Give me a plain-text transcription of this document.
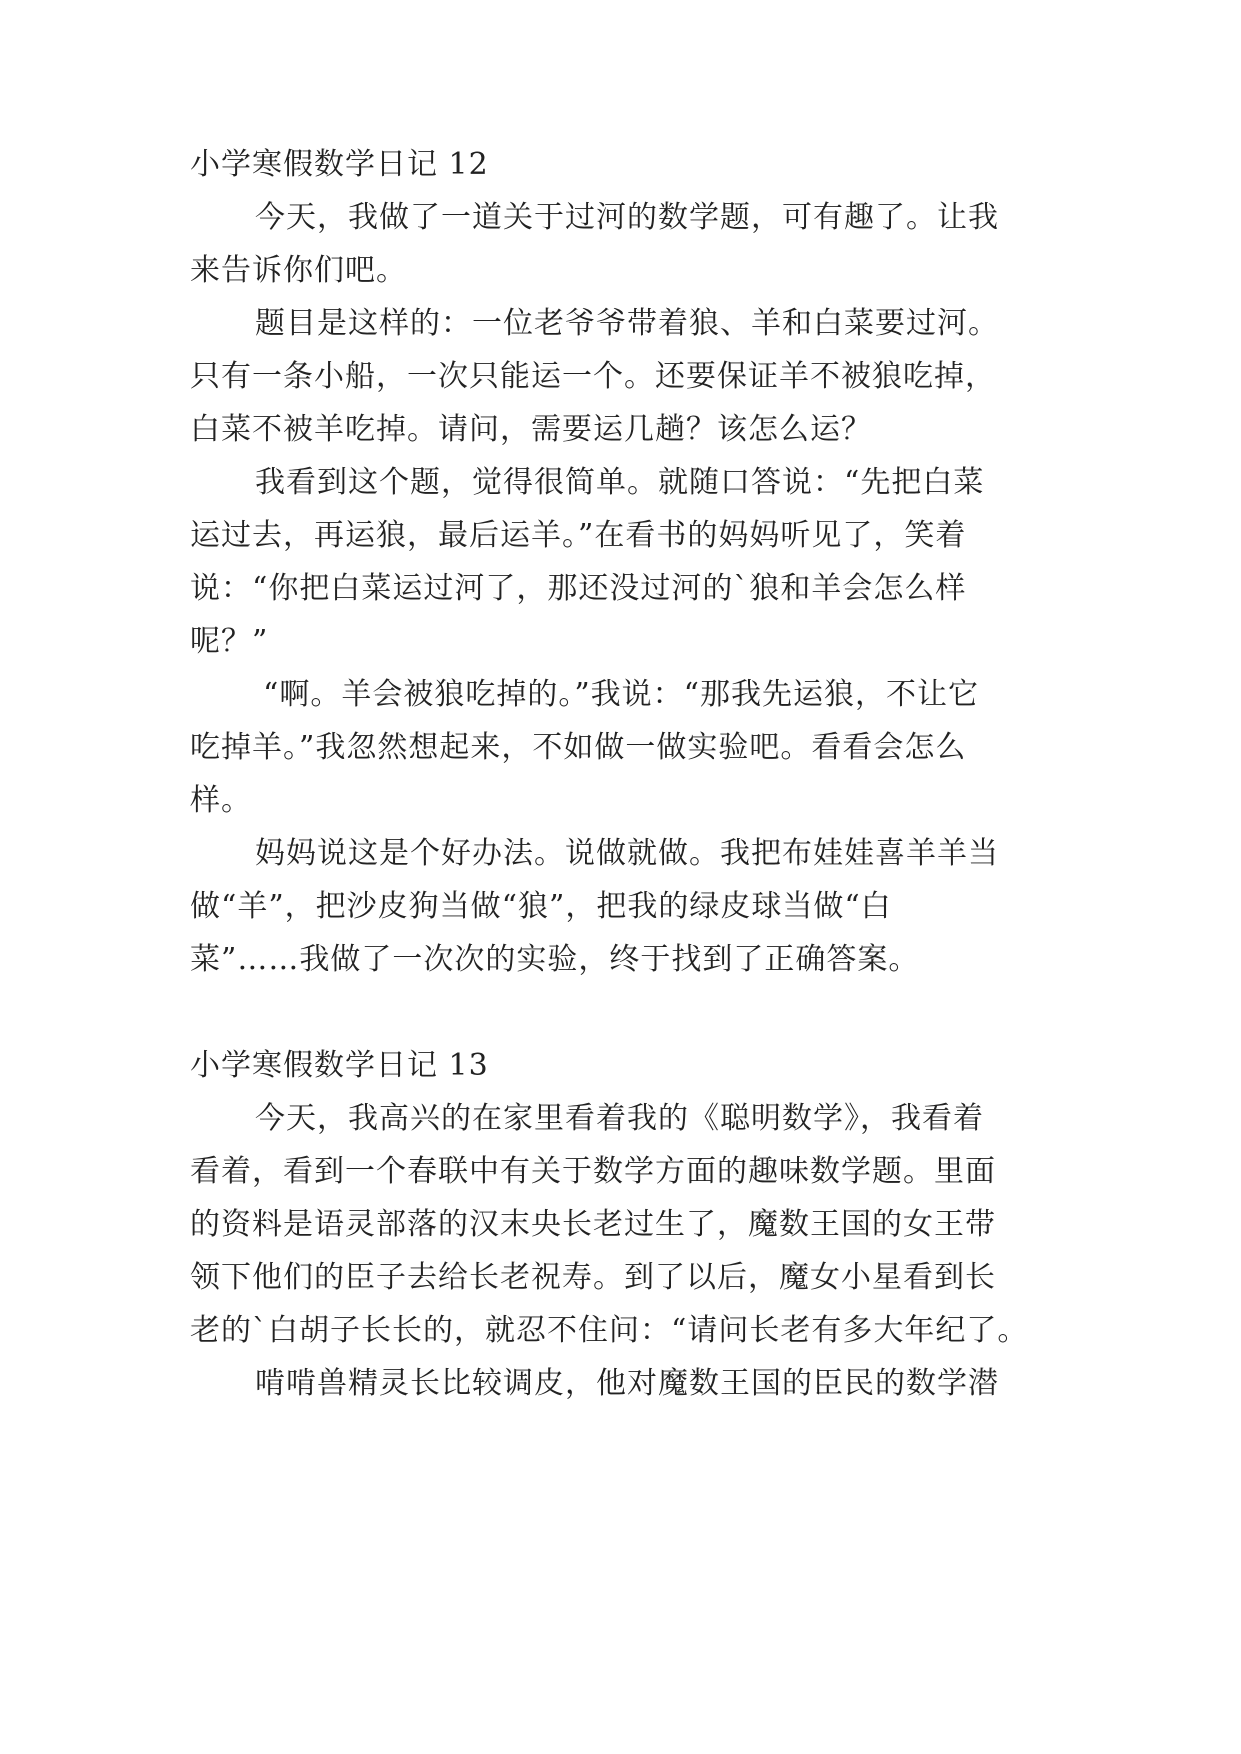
小学寒假数学日记 12
今天，我做了一道关于过河的数学题，可有趣了。让我
来告诉你们吧。
题目是这样的：一位老爷爷带着狼、羊和白菜要过河。
只有一条小船，一次只能运一个。还要保证羊不被狼吃掉，
白菜不被羊吃掉。请问，需要运几趟？该怎么运？
我看到这个题，觉得很简单。就随口答说：“先把白菜
运过去，再运狼，最后运羊。”在看书的妈妈听见了，笑着
说：“你把白菜运过河了，那还没过河的`狼和羊会怎么样
呢？”
“啊。羊会被狼吃掉的。”我说：“那我先运狼，不让它
吃掉羊。”我忽然想起来，不如做一做实验吧。看看会怎么
样。
妈妈说这是个好办法。说做就做。我把布娃娃喜羊羊当
做“羊”，把沙皮狗当做“狼”，把我的绿皮球当做“白
菜”……我做了一次次的实验，终于找到了正确答案。
小学寒假数学日记 13
今天，我高兴的在家里看着我的《聪明数学》，我看着
看着，看到一个春联中有关于数学方面的趣味数学题。里面
的资料是语灵部落的汉末央长老过生了，魔数王国的女王带
领下他们的臣子去给长老祝寿。到了以后，魔女小星看到长
老的`白胡子长长的，就忍不住问：“请问长老有多大年纪了。
啃啃兽精灵长比较调皮，他对魔数王国的臣民的数学潜
